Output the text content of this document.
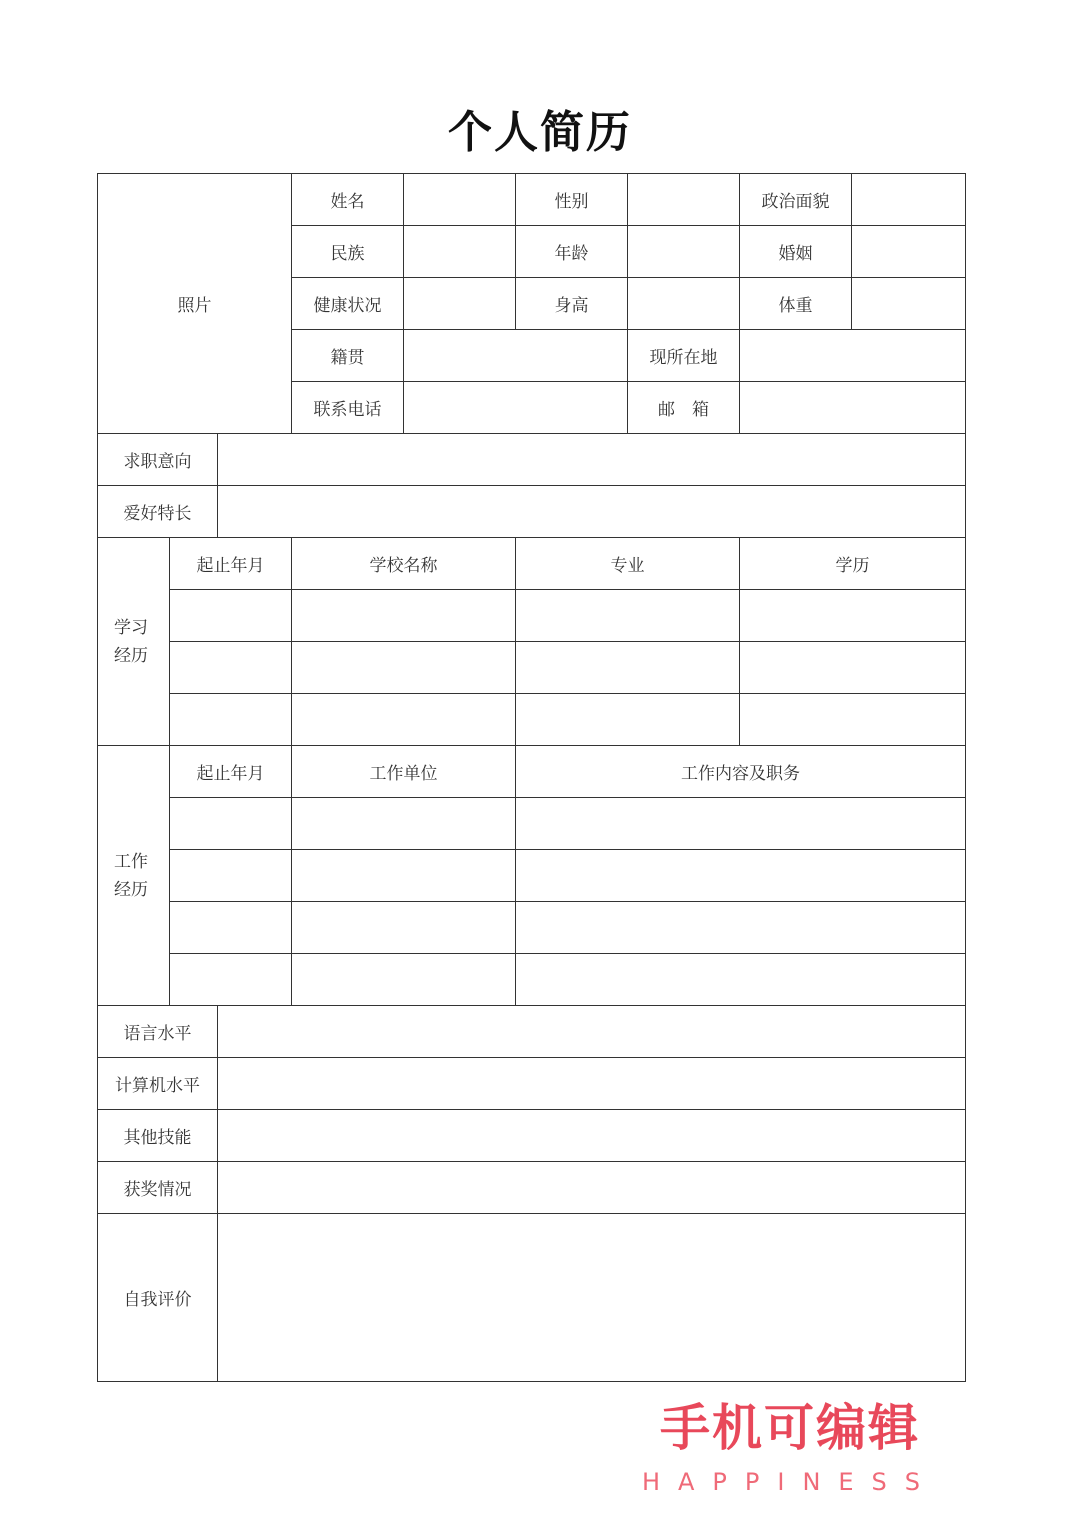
个人简历
照片			姓名		性别		政治面貌	
			民族		年龄		婚姻	
			健康状况		身高		体重	
			籍贯			现所在地		
			联系电话			邮　箱		
求职意向								
爱好特长								
学习
经历	起止年月		学校名称		专业		学历	

工作
经历	起止年月		工作单位		工作内容及职务			

语言水平								
计算机水平								
其他技能								
获奖情况								
自我评价								
手机可编辑
HAPPINESS
